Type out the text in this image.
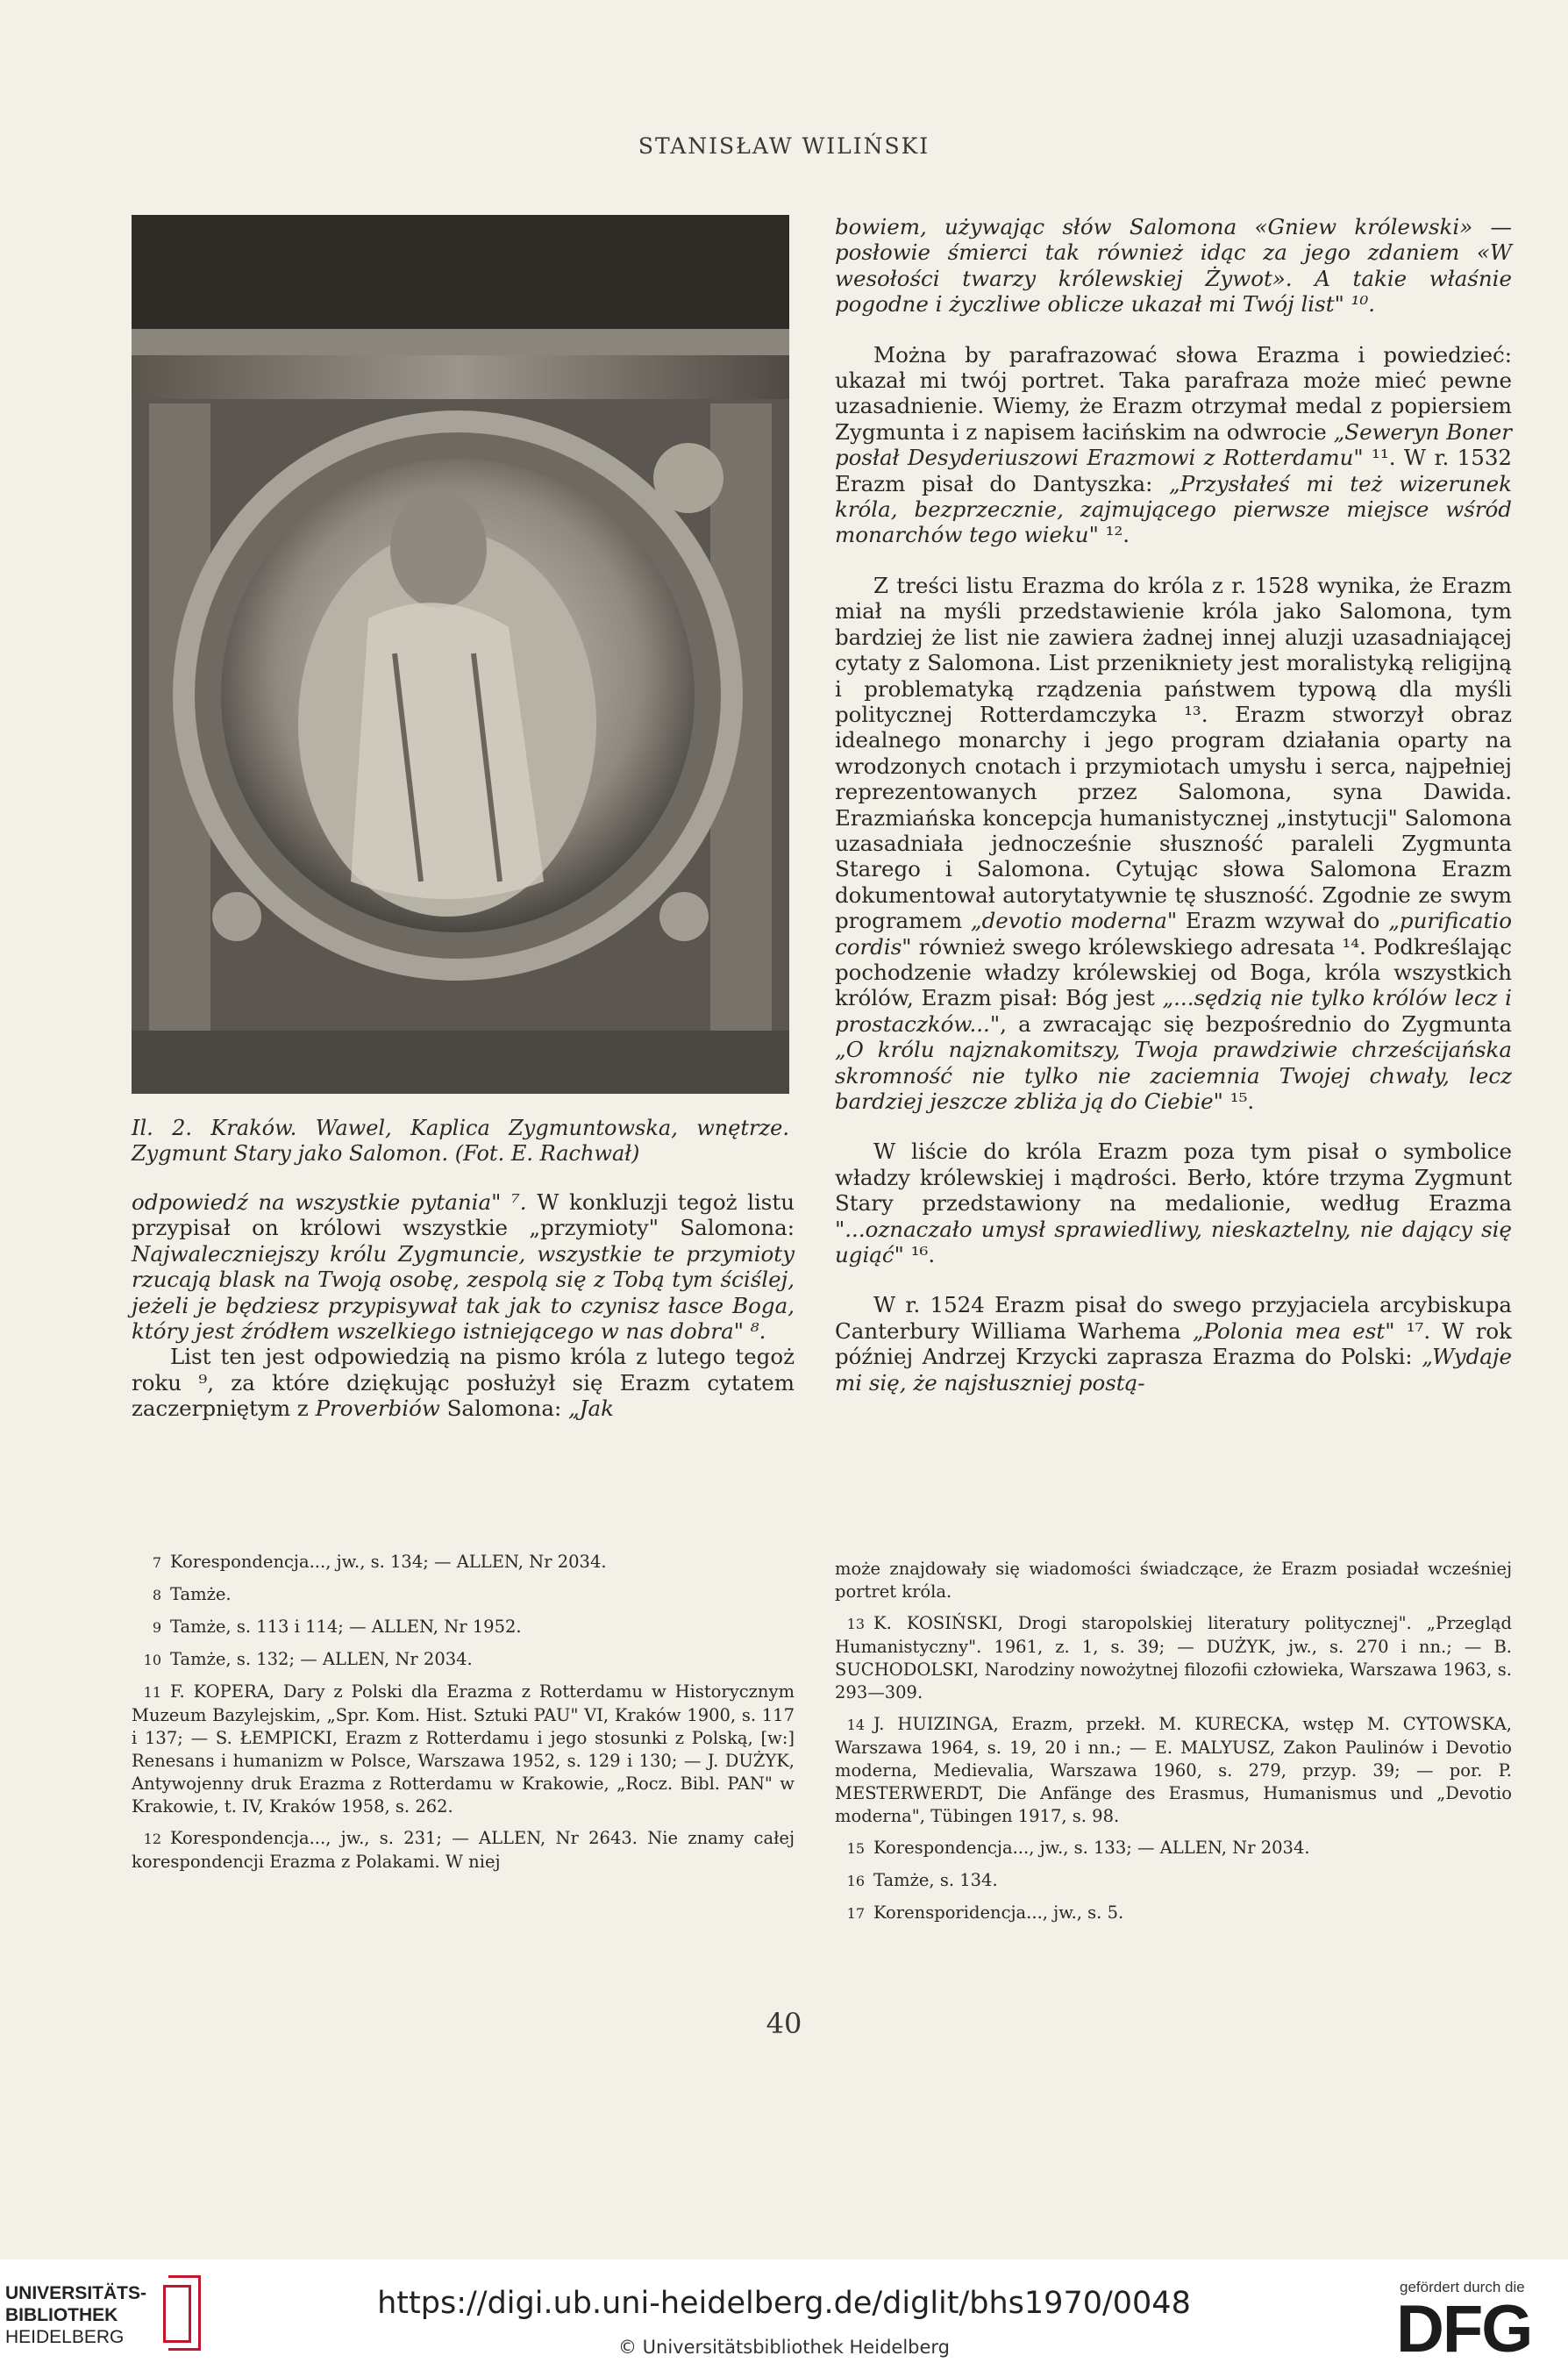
STANISŁAW WILIŃSKI
Il. 2. Kraków. Wawel, Kaplica Zygmuntowska, wnętrze. Zygmunt Stary jako Salomon. (Fot. E. Rachwał)

odpowiedź na wszystkie pytania" ⁷. W konkluzji tegoż listu przypisał on królowi wszystkie „przymioty" Salomona: Najwaleczniejszy królu Zygmuncie, wszystkie te przymioty rzucają blask na Twoją osobę, zespolą się z Tobą tym ściślej, jeżeli je będziesz przypisywał tak jak to czynisz łasce Boga, który jest źródłem wszelkiego istniejącego w nas dobra" ⁸.

List ten jest odpowiedzią na pismo króla z lutego tegoż roku ⁹, za które dziękując posłużył się Erazm cytatem zaczerpniętym z Proverbiów Salomona: „Jak

bowiem, używając słów Salomona «Gniew królewski» — posłowie śmierci tak również idąc za jego zdaniem «W wesołości twarzy królewskiej Żywot». A takie właśnie pogodne i życzliwe oblicze ukazał mi Twój list" ¹⁰.

Można by parafrazować słowa Erazma i powiedzieć: ukazał mi twój portret. Taka parafraza może mieć pewne uzasadnienie. Wiemy, że Erazm otrzymał medal z popiersiem Zygmunta i z napisem łacińskim na odwrocie „Seweryn Boner posłał Desyderiuszowi Erazmowi z Rotterdamu" ¹¹. W r. 1532 Erazm pisał do Dantyszka: „Przysłałeś mi też wizerunek króla, bezprzecznie, zajmującego pierwsze miejsce wśród monarchów tego wieku" ¹².

Z treści listu Erazma do króla z r. 1528 wynika, że Erazm miał na myśli przedstawienie króla jako Salomona, tym bardziej że list nie zawiera żadnej innej aluzji uzasadniającej cytaty z Salomona. List przenikniety jest moralistyką religijną i problematyką rządzenia państwem typową dla myśli politycznej Rotterdamczyka ¹³. Erazm stworzył obraz idealnego monarchy i jego program działania oparty na wrodzonych cnotach i przymiotach umysłu i serca, najpełniej reprezentowanych przez Salomona, syna Dawida. Erazmiańska koncepcja humanistycznej „instytucji" Salomona uzasadniała jednocześnie słuszność paraleli Zygmunta Starego i Salomona. Cytując słowa Salomona Erazm dokumentował autorytatywnie tę słuszność. Zgodnie ze swym programem „devotio moderna" Erazm wzywał do „purificatio cordis" również swego królewskiego adresata ¹⁴. Podkreślając pochodzenie władzy królewskiej od Boga, króla wszystkich królów, Erazm pisał: Bóg jest „...sędzią nie tylko królów lecz i prostaczków...", a zwracając się bezpośrednio do Zygmunta „O królu najznakomitszy, Twoja prawdziwie chrześcijańska skromność nie tylko nie zaciemnia Twojej chwały, lecz bardziej jeszcze zbliża ją do Ciebie" ¹⁵.

W liście do króla Erazm poza tym pisał o symbolice władzy królewskiej i mądrości. Berło, które trzyma Zygmunt Stary przedstawiony na medalionie, według Erazma "...oznaczało umysł sprawiedliwy, nieskaztelny, nie dający się ugiąć" ¹⁶.

W r. 1524 Erazm pisał do swego przyjaciela arcybiskupa Canterbury Williama Warhema „Polonia mea est" ¹⁷. W rok później Andrzej Krzycki zaprasza Erazma do Polski: „Wydaje mi się, że najsłuszniej postą-

7 Korespondencja..., jw., s. 134; — ALLEN, Nr 2034.

8 Tamże.

9 Tamże, s. 113 i 114; — ALLEN, Nr 1952.

10 Tamże, s. 132; — ALLEN, Nr 2034.

11 F. KOPERA, Dary z Polski dla Erazma z Rotterdamu w Historycznym Muzeum Bazylejskim, „Spr. Kom. Hist. Sztuki PAU" VI, Kraków 1900, s. 117 i 137; — S. ŁEMPICKI, Erazm z Rotterdamu i jego stosunki z Polską, [w:] Renesans i humanizm w Polsce, Warszawa 1952, s. 129 i 130; — J. DUŻYK, Antywojenny druk Erazma z Rotterdamu w Krakowie, „Rocz. Bibl. PAN" w Krakowie, t. IV, Kraków 1958, s. 262.

12 Korespondencja..., jw., s. 231; — ALLEN, Nr 2643. Nie znamy całej korespondencji Erazma z Polakami. W niej

może znajdowały się wiadomości świadczące, że Erazm posiadał wcześniej portret króla.

13 K. KOSIŃSKI, Drogi staropolskiej literatury politycznej". „Przegląd Humanistyczny". 1961, z. 1, s. 39; — DUŻYK, jw., s. 270 i nn.; — B. SUCHODOLSKI, Narodziny nowożytnej filozofii człowieka, Warszawa 1963, s. 293—309.

14 J. HUIZINGA, Erazm, przekł. M. KURECKA, wstęp M. CYTOWSKA, Warszawa 1964, s. 19, 20 i nn.; — E. MALYUSZ, Zakon Paulinów i Devotio moderna, Medievalia, Warszawa 1960, s. 279, przyp. 39; — por. P. MESTERWERDT, Die Anfänge des Erasmus, Humanismus und „Devotio moderna", Tübingen 1917, s. 98.

15 Korespondencja..., jw., s. 133; — ALLEN, Nr 2034.

16 Tamże, s. 134.

17 Korensporidencja..., jw., s. 5.

40
UNIVERSITÄTS-
BIBLIOTHEK
HEIDELBERG
https://digi.ub.uni-heidelberg.de/diglit/bhs1970/0048
© Universitätsbibliothek Heidelberg
gefördert durch die
DFG
